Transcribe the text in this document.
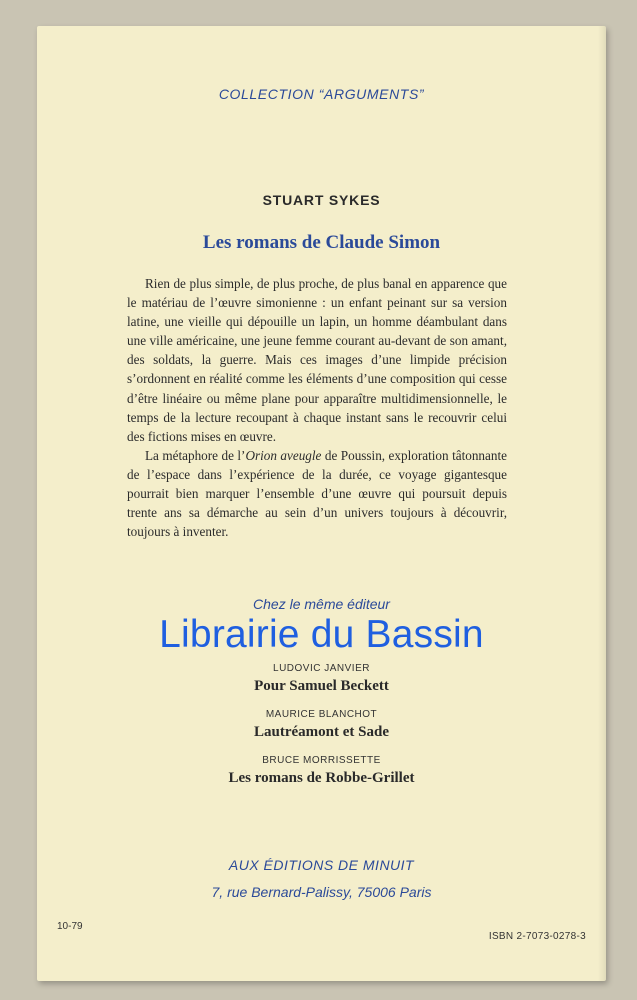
COLLECTION “ARGUMENTS”
STUART SYKES
Les romans de Claude Simon

Rien de plus simple, de plus proche, de plus banal en apparence que le matériau de l’œuvre simonienne : un enfant peinant sur sa version latine, une vieille qui dépouille un lapin, un homme déambulant dans une ville américaine, une jeune femme courant au-devant de son amant, des soldats, la guerre. Mais ces images d’une limpide précision s’ordonnent en réalité comme les éléments d’une composition qui cesse d’être linéaire ou même plane pour apparaître multidimensionnelle, le temps de la lecture recoupant à chaque instant sans le recouvrir celui des fictions mises en œuvre.

La métaphore de l’Orion aveugle de Poussin, exploration tâtonnante de l’espace dans l’expérience de la durée, ce voyage gigantesque pourrait bien marquer l’ensemble d’une œuvre qui poursuit depuis trente ans sa démarche au sein d’un univers toujours à découvrir, toujours à inventer.

Chez le même éditeur
LUDOVIC JANVIER
Pour Samuel Beckett
MAURICE BLANCHOT
Lautréamont et Sade
BRUCE MORRISSETTE
Les romans de Robbe-Grillet
Librairie du Bassin
AUX ÉDITIONS DE MINUIT
7, rue Bernard-Palissy, 75006 Paris
10-79
ISBN 2-7073-0278-3
